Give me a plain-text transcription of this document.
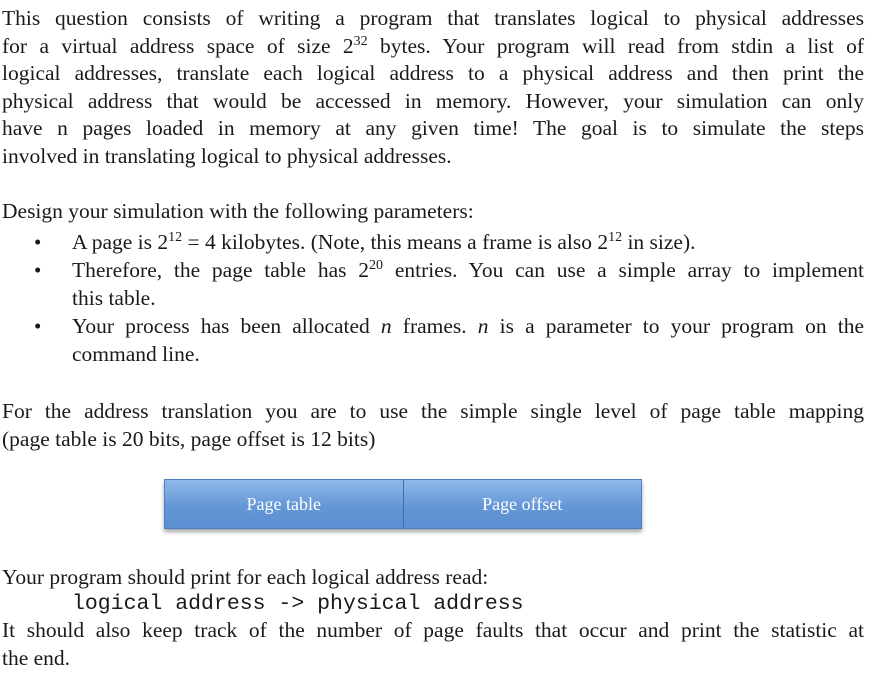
This question consists of writing a program that translates logical to physical addresses
for a virtual address space of size $2^{32}$ bytes. Your program will read from stdin a list of
logical addresses, translate each logical address to a physical address and then print the
physical address that would be accessed in memory. However, your simulation can only
have n pages loaded in memory at any given time! The goal is to simulate the steps
involved in translating logical to physical addresses.
Design your simulation with the following parameters:
• A page is $2^{12} = 4$ kilobytes. (Note, this means a frame is also $2^{12}$ in size).
• Therefore, the page table has $2^{20}$ entries. You can use a simple array to implement
this table.
• Your process has been allocated n frames. n is a parameter to your program on the
command line.
For the address translation you are to use the simple single level of page table mapping
(page table is 20 bits, page offset is 12 bits)
Page table	Page offset
Your program should print for each logical address read:
logical address -> physical address
It should also keep track of the number of page faults that occur and print the statistic at
the end.
